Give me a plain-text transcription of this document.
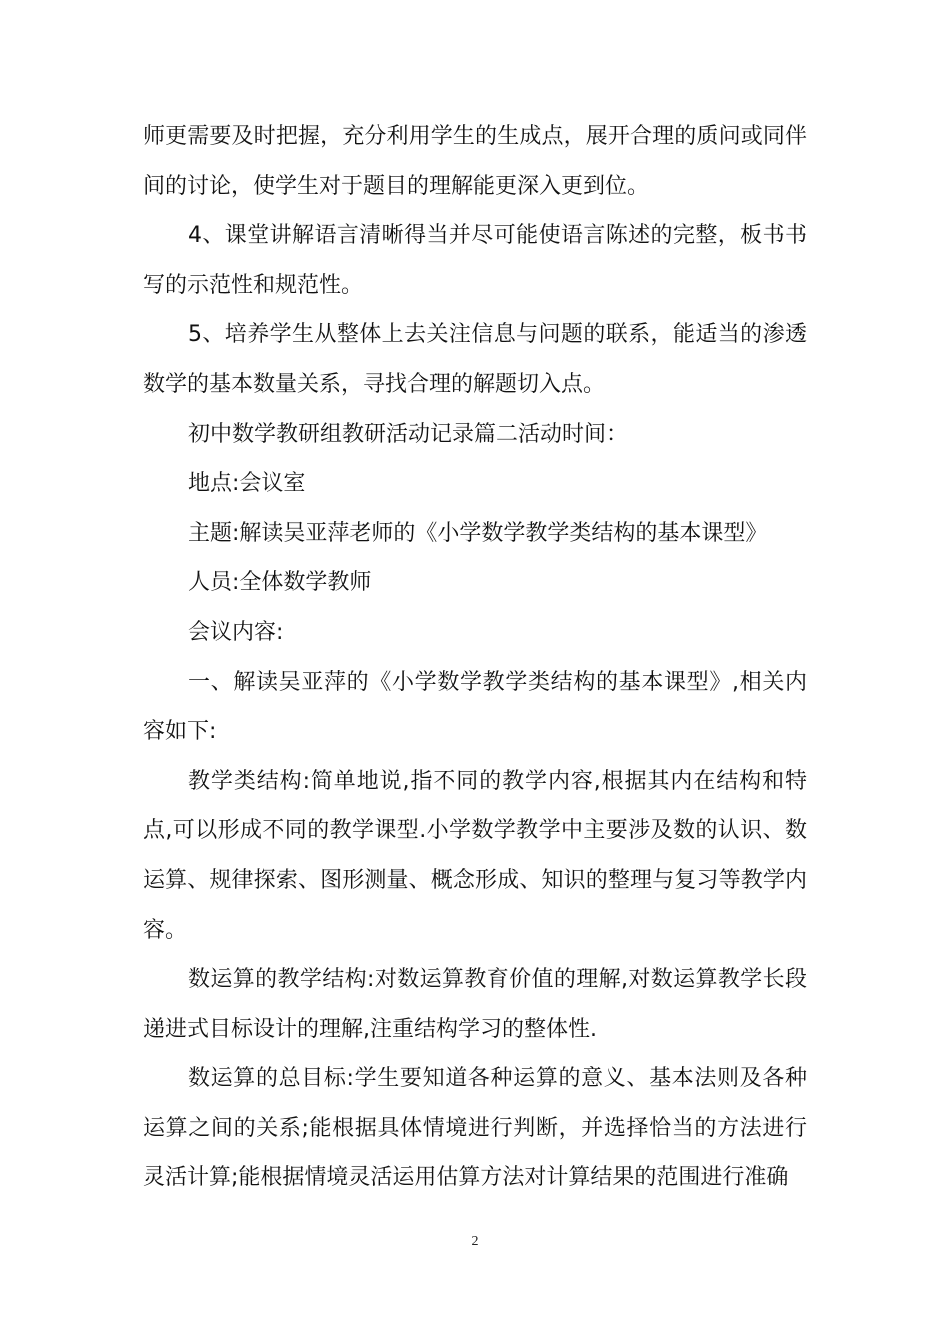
师更需要及时把握，充分利用学生的生成点，展开合理的质问或同伴间的讨论，使学生对于题目的理解能更深入更到位。

4、课堂讲解语言清晰得当并尽可能使语言陈述的完整，板书书写的示范性和规范性。

5、培养学生从整体上去关注信息与问题的联系，能适当的渗透数学的基本数量关系，寻找合理的解题切入点。

初中数学教研组教研活动记录篇二活动时间：

地点:会议室

主题:解读吴亚萍老师的《小学数学教学类结构的基本课型》

人员:全体数学教师

会议内容:

一、解读吴亚萍的《小学数学教学类结构的基本课型》,相关内容如下:

教学类结构:简单地说,指不同的教学内容,根据其内在结构和特点,可以形成不同的教学课型.小学数学教学中主要涉及数的认识、数运算、规律探索、图形测量、概念形成、知识的整理与复习等教学内容。

数运算的教学结构:对数运算教育价值的理解,对数运算教学长段递进式目标设计的理解,注重结构学习的整体性.

数运算的总目标:学生要知道各种运算的意义、基本法则及各种运算之间的关系;能根据具体情境进行判断，并选择恰当的方法进行灵活计算;能根据情境灵活运用估算方法对计算结果的范围进行准确

2
